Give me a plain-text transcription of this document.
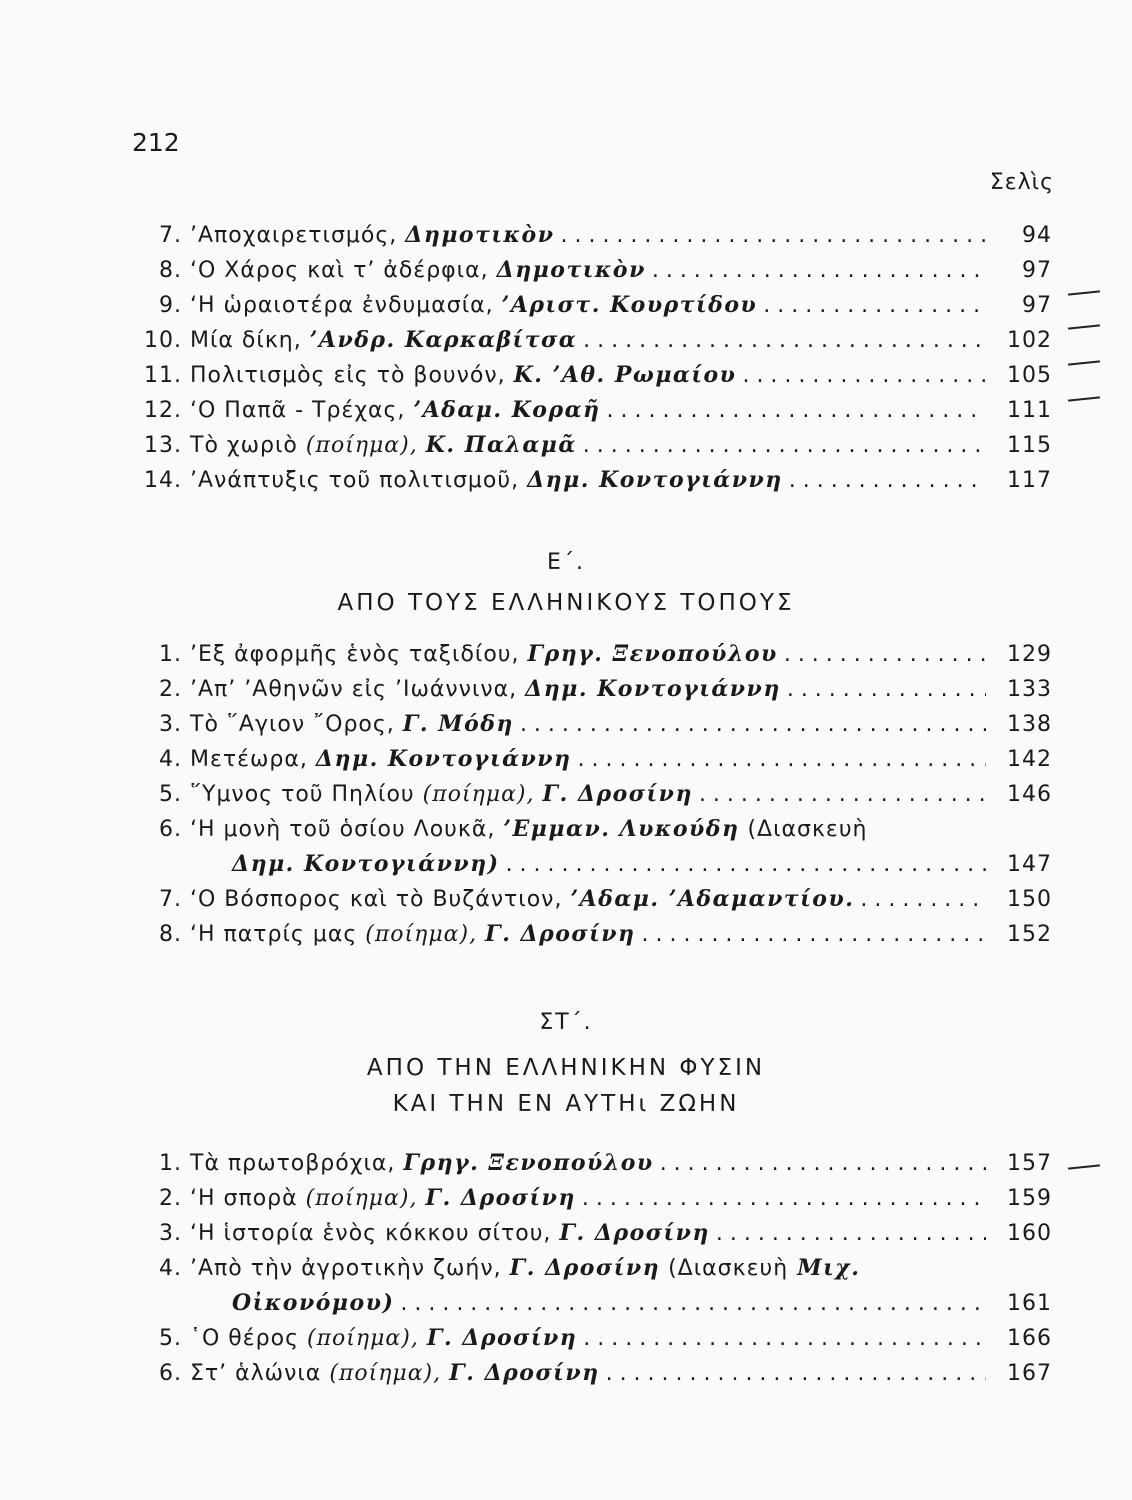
212
Σελὶς
7. ’Αποχαιρετισμός, Δημοτικὸν . . .	94
8. ‘Ο Χάρος καὶ τ’ ἀδέρφια, Δημοτικὸν . . .	97
9. ‘Η ὡραιοτέρα ἐνδυμασία, ’Αριστ. Κουρτίδου . . .	97
10. Μία δίκη, ’Ανδρ. Καρκαβίτσα . . .	102
11. Πολιτισμὸς εἰς τὸ βουνόν, Κ. ’Αθ. Ρωμαίου . . .	105
12. ‘Ο Παπᾶ - Τρέχας, ’Αδαμ. Κοραῆ . . .	111
13. Τὸ χωριὸ (ποίημα), Κ. Παλαμᾶ . . .	115
14. ’Ανάπτυξις τοῦ πολιτισμοῦ, Δημ. Κοντογιάννη . . .	117
Ε΄.
ΑΠΟ ΤΟΥΣ ΕΛΛΗΝΙΚΟΥΣ ΤΟΠΟΥΣ
1. ’Εξ ἀφορμῆς ἑνὸς ταξιδίου, Γρηγ. Ξενοπούλου . . .	129
2. ’Απ’ ’Αθηνῶν εἰς ’Ιωάννινα, Δημ. Κοντογιάννη . . .	133
3. Τὸ ῞Αγιον ῎Ορος, Γ. Μόδη . . .	138
4. Μετέωρα, Δημ. Κοντογιάννη . . .	142
5. ῞Υμνος τοῦ Πηλίου (ποίημα), Γ. Δροσίνη . . .	146
6. ‘Η μονὴ τοῦ ὁσίου Λουκᾶ, ’Εμμαν. Λυκούδη (Διασκευὴ
Δημ. Κοντογιάννη) . . .	147
7. ‘Ο Βόσπορος καὶ τὸ Βυζάντιον, ’Αδαμ. ’Αδαμαντίου. . . .	150
8. ‘Η πατρίς μας (ποίημα), Γ. Δροσίνη . . .	152
ΣΤ΄.
ΑΠΟ ΤΗΝ ΕΛΛΗΝΙΚΗΝ ΦΥΣΙΝ
ΚΑΙ ΤΗΝ ΕΝ ΑΥΤΗι ΖΩΗΝ
1. Τὰ πρωτοβρόχια, Γρηγ. Ξενοπούλου . . .	157
2. ‘Η σπορὰ (ποίημα), Γ. Δροσίνη . . .	159
3. ‘Η ἱστορία ἑνὸς κόκκου σίτου, Γ. Δροσίνη . . .	160
4. ’Απὸ τὴν ἀγροτικὴν ζωήν, Γ. Δροσίνη (Διασκευὴ Μιχ.
Οἰκονόμου) . . .	161
5. ῾Ο θέρος (ποίημα), Γ. Δροσίνη . . .	166
6. Στ’ ἁλώνια (ποίημα), Γ. Δροσίνη . . .	167
